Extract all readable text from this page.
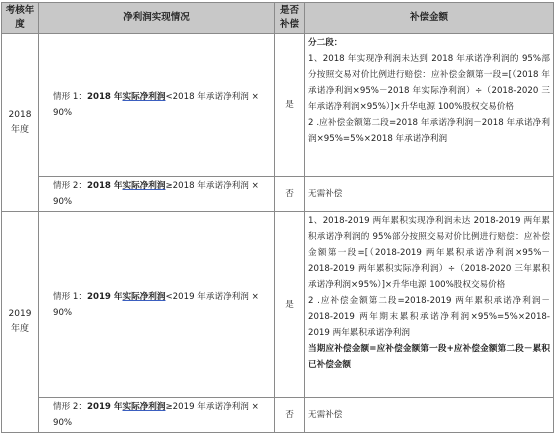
考核年度	净利润实现情况	是否补偿	补偿金额
2018 年度	情形 1：2018 年实际净利润<2018 年承诺净利润 × 90%	是	分二段：

1、2018 年实现净利润未达到 2018 年承诺净利润的 95%部分按照交易对价比例进行赔偿：应补偿金额第一段=[（2018 年承诺净利润×95%－2018 年实际净利润）÷（2018-2020 三年承诺净利润×95%）]×升华电源 100%股权交易价格

2 .应补偿金额第二段=2018 年承诺净利润－2018 年承诺净利润×95%=5%×2018 年承诺净利润

	情形 2：2018 年实际净利润≥2018 年承诺净利润 × 90%	否	无需补偿
2019 年度	情形 1：2019 年实际净利润<2019 年承诺净利润 × 90%	是	1、2018-2019 两年累积实现净利润未达 2018-2019 两年累积承诺净利润的 95%部分按照交易对价比例进行赔偿：应补偿金额第一段=[（2018-2019 两年累积承诺净利润×95%－2018-2019 两年累积实际净利润）÷（2018-2020 三年累积承诺净利润×95%）]×升华电源 100%股权交易价格

2 .应补偿金额第二段=2018-2019 两年累积承诺净利润－2018-2019 两年期末累积承诺净利润×95%=5%×2018-2019 两年累积承诺净利润

当期应补偿金额=应补偿金额第一段+应补偿金额第二段－累积已补偿金额

	情形 2：2019 年实际净利润≥2019 年承诺净利润 × 90%	否	无需补偿
